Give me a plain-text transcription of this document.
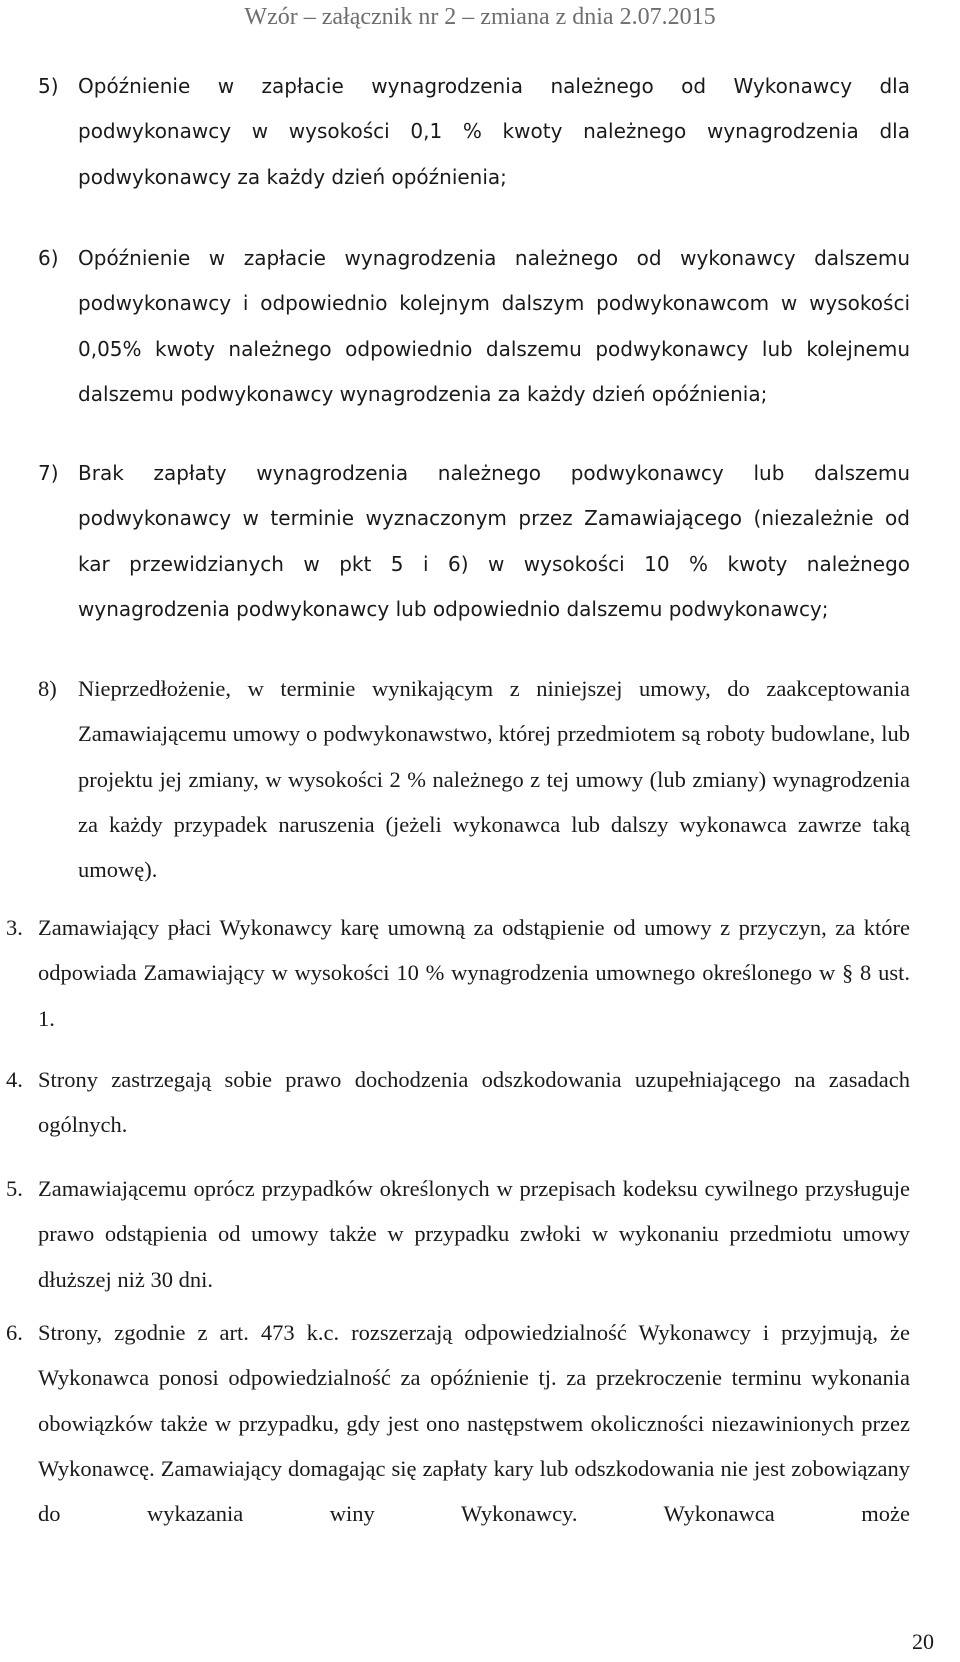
Wzór – załącznik nr 2 – zmiana z dnia 2.07.2015
5) Opóźnienie w zapłacie wynagrodzenia należnego od Wykonawcy dla podwykonawcy w wysokości 0,1 % kwoty należnego wynagrodzenia dla podwykonawcy za każdy dzień opóźnienia;

6) Opóźnienie w zapłacie wynagrodzenia należnego od wykonawcy dalszemu podwykonawcy i odpowiednio kolejnym dalszym podwykonawcom w wysokości 0,05% kwoty należnego odpowiednio dalszemu podwykonawcy lub kolejnemu dalszemu podwykonawcy wynagrodzenia za każdy dzień opóźnienia;

7) Brak zapłaty wynagrodzenia należnego podwykonawcy lub dalszemu podwykonawcy w terminie wyznaczonym przez Zamawiającego (niezależnie od kar przewidzianych w pkt 5 i 6) w wysokości 10 % kwoty należnego wynagrodzenia podwykonawcy lub odpowiednio dalszemu podwykonawcy;

8) Nieprzedłożenie, w terminie wynikającym z niniejszej umowy, do zaakceptowania Zamawiającemu umowy o podwykonawstwo, której przedmiotem są roboty budowlane, lub projektu jej zmiany, w wysokości 2 % należnego z tej umowy (lub zmiany) wynagrodzenia za każdy przypadek naruszenia (jeżeli wykonawca lub dalszy wykonawca zawrze taką umowę).

3. Zamawiający płaci Wykonawcy karę umowną za odstąpienie od umowy z przyczyn, za które odpowiada Zamawiający w wysokości 10 % wynagrodzenia umownego określonego w § 8 ust. 1.

4. Strony zastrzegają sobie prawo dochodzenia odszkodowania uzupełniającego na zasadach ogólnych.

5. Zamawiającemu oprócz przypadków określonych w przepisach kodeksu cywilnego przysługuje prawo odstąpienia od umowy także w przypadku zwłoki w wykonaniu przedmiotu umowy dłuższej niż 30 dni.

6. Strony, zgodnie z art. 473 k.c. rozszerzają odpowiedzialność Wykonawcy i przyjmują, że Wykonawca ponosi odpowiedzialność za opóźnienie tj. za przekroczenie terminu wykonania obowiązków także w przypadku, gdy jest ono następstwem okoliczności niezawinionych przez Wykonawcę. Zamawiający domagając się zapłaty kary lub odszkodowania nie jest zobowiązany do wykazania winy Wykonawcy. Wykonawca może

20
